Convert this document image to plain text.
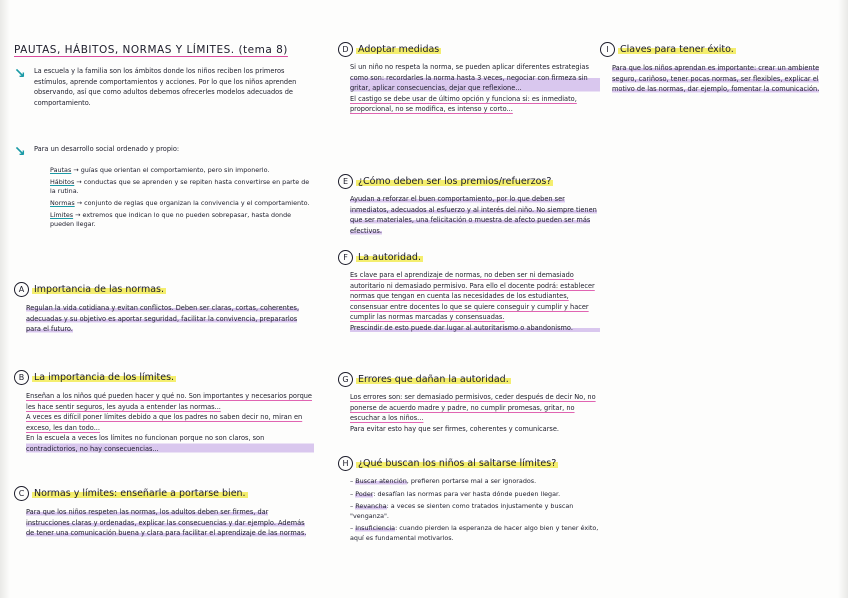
PAUTAS, HÁBITOS, NORMAS Y LÍMITES. (tema 8)
↘	La escuela y la familia son los ámbitos donde los niños reciben los primeros estímulos, aprende comportamientos y acciones. Por lo que los niños aprenden observando, así que como adultos debemos ofrecerles modelos adecuados de comportamiento.
↘	Para un desarrollo social ordenado y propio:
Pautas → guías que orientan el comportamiento, pero sin imponerlo.
Hábitos → conductas que se aprenden y se repiten hasta convertirse en parte de la rutina.
Normas → conjunto de reglas que organizan la convivencia y el comportamiento.
Límites → extremos que indican lo que no pueden sobrepasar, hasta donde pueden llegar.
A Importancia de las normas.
Regulan la vida cotidiana y evitan conflictos. Deben ser claras, cortas, coherentes, adecuadas y su objetivo es aportar seguridad, facilitar la convivencia, prepararlos para el futuro.
B La importancia de los límites.
Enseñan a los niños qué pueden hacer y qué no. Son importantes y necesarios porque les hace sentir seguros, les ayuda a entender las normas...
A veces es difícil poner límites debido a que los padres no saben decir no, miran en exceso, les dan todo...
En la escuela a veces los límites no funcionan porque no son claros, son contradictorios, no hay consecuencias...
C Normas y límites: enseñarle a portarse bien.
Para que los niños respeten las normas, los adultos deben ser firmes, dar instrucciones claras y ordenadas, explicar las consecuencias y dar ejemplo. Además de tener una comunicación buena y clara para facilitar el aprendizaje de las normas.
D Adoptar medidas
Si un niño no respeta la norma, se pueden aplicar diferentes estrategias como son: recordarles la norma hasta 3 veces, negociar con firmeza sin gritar, aplicar consecuencias, dejar que reflexione...
El castigo se debe usar de último opción y funciona si: es inmediato, proporcional, no se modifica, es intenso y corto...
E ¿Cómo deben ser los premios/refuerzos?
Ayudan a reforzar el buen comportamiento, por lo que deben ser inmediatos, adecuados al esfuerzo y al interés del niño. No siempre tienen que ser materiales, una felicitación o muestra de afecto pueden ser más efectivos.
F La autoridad.
Es clave para el aprendizaje de normas, no deben ser ni demasiado autoritario ni demasiado permisivo. Para ello el docente podrá: establecer normas que tengan en cuenta las necesidades de los estudiantes, consensuar entre docentes lo que se quiere conseguir y cumplir y hacer cumplir las normas marcadas y consensuadas.
Prescindir de esto puede dar lugar al autoritarismo o abandonismo.
G Errores que dañan la autoridad.
Los errores son: ser demasiado permisivos, ceder después de decir No, no ponerse de acuerdo madre y padre, no cumplir promesas, gritar, no escuchar a los niños...
Para evitar esto hay que ser firmes, coherentes y comunicarse.
H ¿Qué buscan los niños al saltarse límites?
– Buscar atención, prefieren portarse mal a ser ignorados.
– Poder: desafían las normas para ver hasta dónde pueden llegar.
– Revancha: a veces se sienten como tratados injustamente y buscan "venganza".
– Insuficiencia: cuando pierden la esperanza de hacer algo bien y tener éxito, aquí es fundamental motivarlos.
I Claves para tener éxito.
Para que los niños aprendan es importante: crear un ambiente seguro, cariñoso, tener pocas normas, ser flexibles, explicar el motivo de las normas, dar ejemplo, fomentar la comunicación.
